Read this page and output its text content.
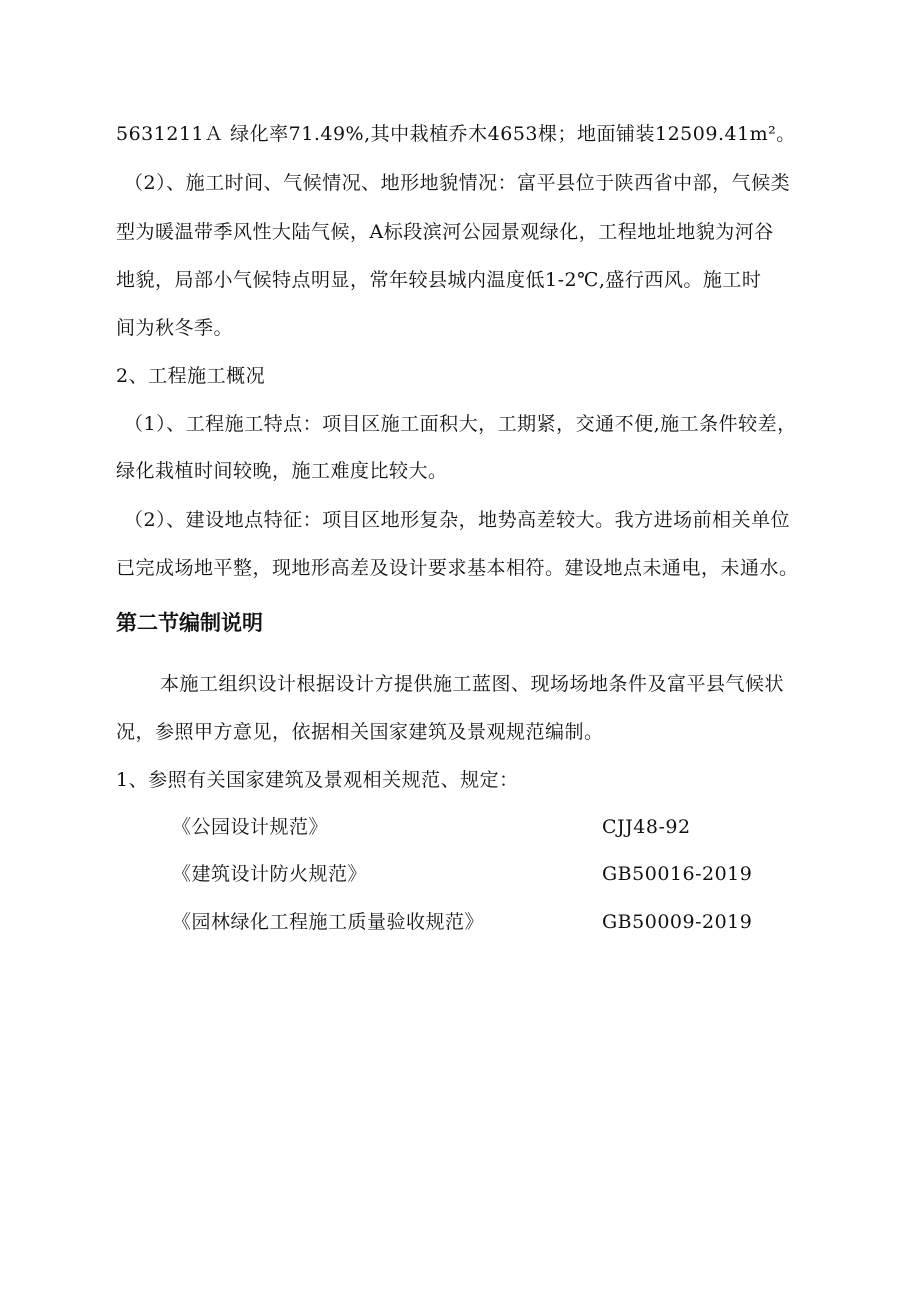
5631211Ａ 绿化率71.49%,其中栽植乔木4653棵；地面铺装12509.41m²。
（2）、施工时间、气候情况、地形地貌情况：富平县位于陕西省中部，气候类
型为暖温带季风性大陆气候，A标段滨河公园景观绿化，工程地址地貌为河谷
地貌，局部小气候特点明显，常年较县城内温度低1-2℃,盛行西风。施工时
间为秋冬季。
2、工程施工概况
（1）、工程施工特点：项目区施工面积大，工期紧，交通不便,施工条件较差，
绿化栽植时间较晚，施工难度比较大。
（2）、建设地点特征：项目区地形复杂，地势高差较大。我方进场前相关单位
已完成场地平整，现地形高差及设计要求基本相符。建设地点未通电，未通水。
第二节编制说明
本施工组织设计根据设计方提供施工蓝图、现场场地条件及富平县气候状
况，参照甲方意见，依据相关国家建筑及景观规范编制。
1、参照有关国家建筑及景观相关规范、规定：
《公园设计规范》	CJJ48-92
《建筑设计防火规范》	GB50016-2019
《园林绿化工程施工质量验收规范》	GB50009-2019
